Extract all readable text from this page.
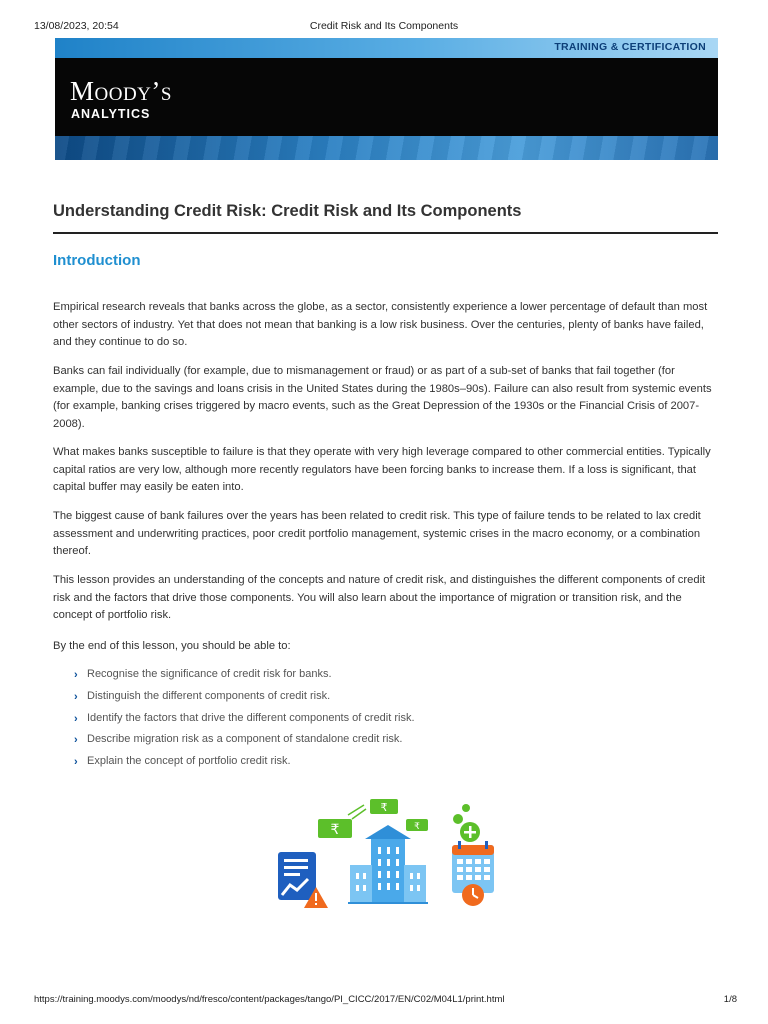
13/08/2023, 20:54	Credit Risk and Its Components
TRAINING & CERTIFICATION
Moody’s
ANALYTICS
Understanding Credit Risk: Credit Risk and Its Components
Introduction

Empirical research reveals that banks across the globe, as a sector, consistently experience a lower percentage of default than most other sectors of industry. Yet that does not mean that banking is a low risk business. Over the centuries, plenty of banks have failed, and they continue to do so.

Banks can fail individually (for example, due to mismanagement or fraud) or as part of a sub-set of banks that fail together (for example, due to the savings and loans crisis in the United States during the 1980s–90s). Failure can also result from systemic events (for example, banking crises triggered by macro events, such as the Great Depression of the 1930s or the Financial Crisis of 2007-2008).

What makes banks susceptible to failure is that they operate with very high leverage compared to other commercial entities. Typically capital ratios are very low, although more recently regulators have been forcing banks to increase them. If a loss is significant, that capital buffer may easily be eaten into.

The biggest cause of bank failures over the years has been related to credit risk. This type of failure tends to be related to lax credit assessment and underwriting practices, poor credit portfolio management, systemic crises in the macro economy, or a combination thereof.

This lesson provides an understanding of the concepts and nature of credit risk, and distinguishes the different components of credit risk and the factors that drive those components. You will also learn about the importance of migration or transition risk, and the concept of portfolio risk.

By the end of this lesson, you should be able to:

› Recognise the significance of credit risk for banks.
› Distinguish the different components of credit risk.
› Identify the factors that drive the different components of credit risk.
› Describe migration risk as a component of standalone credit risk.
› Explain the concept of portfolio credit risk.
₹
₹
₹
https://training.moodys.com/moodys/nd/fresco/content/packages/tango/PI_CICC/2017/EN/C02/M04L1/print.html	1/8
